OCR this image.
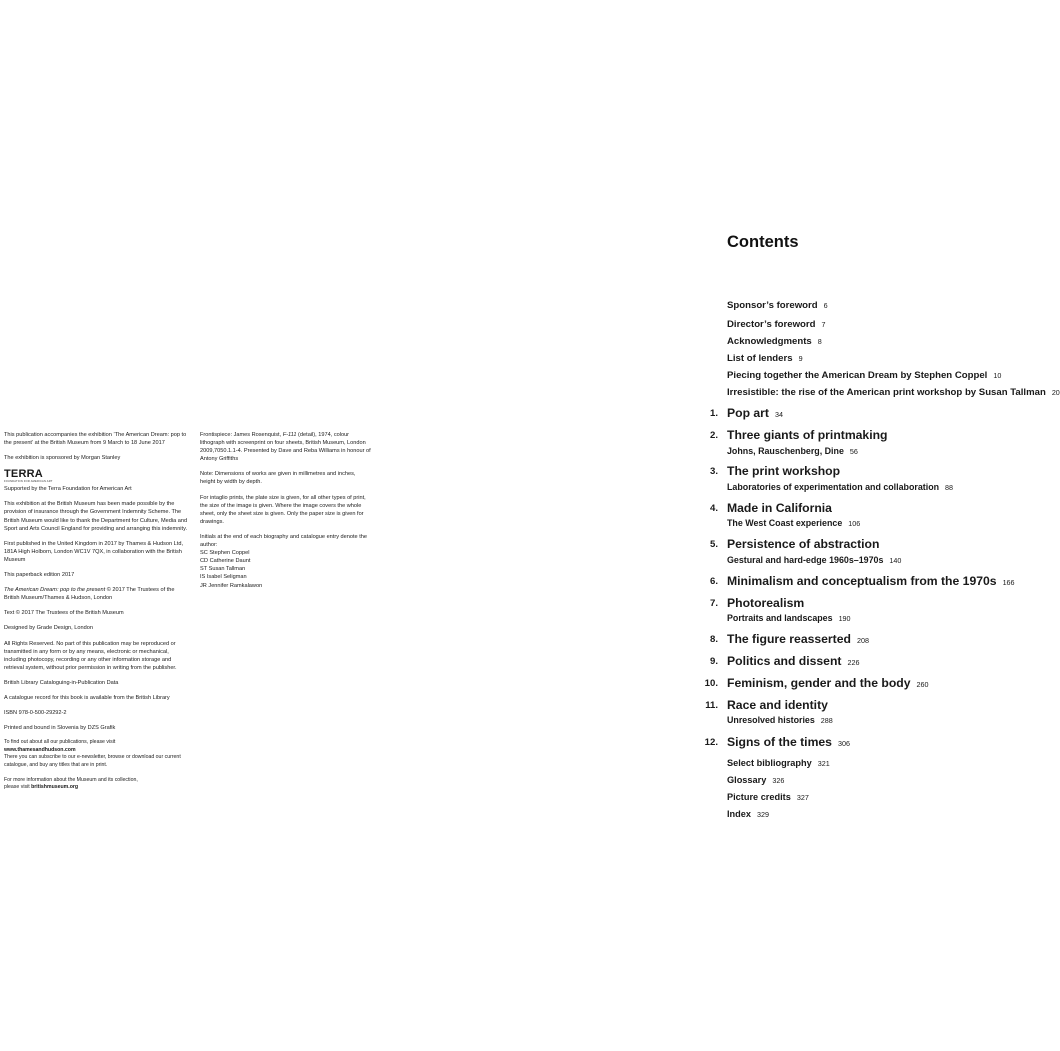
This publication accompanies the exhibition ‘The American Dream: pop to the present’ at the British Museum from 9 March to 18 June 2017

The exhibition is sponsored by Morgan Stanley

TERRA
FOUNDATION FOR AMERICAN ART

Supported by the Terra Foundation for American Art

This exhibition at the British Museum has been made possible by the provision of insurance through the Government Indemnity Scheme. The British Museum would like to thank the Department for Culture, Media and Sport and Arts Council England for providing and arranging this indemnity.

First published in the United Kingdom in 2017 by Thames & Hudson Ltd, 181A High Holborn, London WC1V 7QX, in collaboration with the British Museum

This paperback edition 2017

The American Dream: pop to the present © 2017 The Trustees of the British Museum/Thames & Hudson, London

Text © 2017 The Trustees of the British Museum

Designed by Grade Design, London

All Rights Reserved. No part of this publication may be reproduced or transmitted in any form or by any means, electronic or mechanical, including photocopy, recording or any other information storage and retrieval system, without prior permission in writing from the publisher.

British Library Cataloguing-in-Publication Data

A catalogue record for this book is available from the British Library

ISBN 978-0-500-29292-2

Printed and bound in Slovenia by DZS Grafik

To find out about all our publications, please visit
www.thamesandhudson.com
There you can subscribe to our e-newsletter, browse or download our current catalogue, and buy any titles that are in print.
For more information about the Museum and its collection,
please visit britishmuseum.org

Frontispiece: James Rosenquist, F-111 (detail), 1974, colour lithograph with screenprint on four sheets, British Museum, London 2009,7050.1.1-4. Presented by Dave and Reba Williams in honour of Antony Griffiths

Note: Dimensions of works are given in millimetres and inches, height by width by depth.

For intaglio prints, the plate size is given, for all other types of print, the size of the image is given. Where the image covers the whole sheet, only the sheet size is given. Only the paper size is given for drawings.

Initials at the end of each biography and catalogue entry denote the author:

SC Stephen Coppel
CD Catherine Daunt
ST Susan Tallman
IS Isabel Seligman
JR Jennifer Ramkalawon
Contents
Sponsor’s foreword 6
Director’s foreword 7
Acknowledgments 8
List of lenders 9
Piecing together the American Dream by Stephen Coppel 10
Irresistible: the rise of the American print workshop by Susan Tallman 20
1. Pop art 34
2. Three giants of printmaking
Johns, Rauschenberg, Dine 56
3. The print workshop
Laboratories of experimentation and collaboration 88
4. Made in California
The West Coast experience 106
5. Persistence of abstraction
Gestural and hard-edge 1960s–1970s 140
6. Minimalism and conceptualism from the 1970s 166
7. Photorealism
Portraits and landscapes 190
8. The figure reasserted 208
9. Politics and dissent 226
10. Feminism, gender and the body 260
11. Race and identity
Unresolved histories 288
12. Signs of the times 306
Select bibliography 321
Glossary 326
Picture credits 327
Index 329
